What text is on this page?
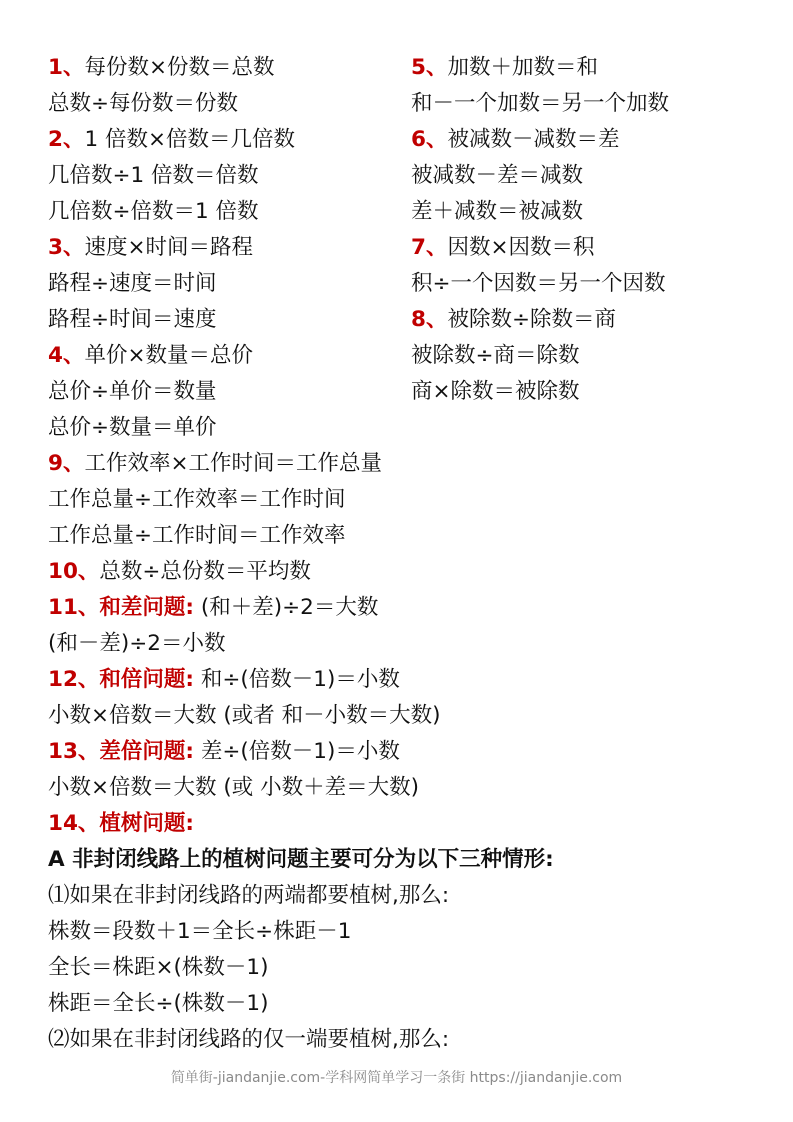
1、每份数×份数＝总数
总数÷每份数＝份数
2、1 倍数×倍数＝几倍数
几倍数÷1 倍数＝倍数
几倍数÷倍数＝1 倍数
3、速度×时间＝路程
路程÷速度＝时间
路程÷时间＝速度
4、单价×数量＝总价
总价÷单价＝数量
总价÷数量＝单价
5、加数＋加数＝和
和－一个加数＝另一个加数
6、被减数－减数＝差
被减数－差＝减数
差＋减数＝被减数
7、因数×因数＝积
积÷一个因数＝另一个因数
8、被除数÷除数＝商
被除数÷商＝除数
商×除数＝被除数
9、工作效率×工作时间＝工作总量
工作总量÷工作效率＝工作时间
工作总量÷工作时间＝工作效率
10、总数÷总份数＝平均数
11、和差问题: (和＋差)÷2＝大数
(和－差)÷2＝小数
12、和倍问题: 和÷(倍数－1)＝小数
小数×倍数＝大数 (或者 和－小数＝大数)
13、差倍问题: 差÷(倍数－1)＝小数
小数×倍数＝大数 (或 小数＋差＝大数)
14、植树问题:
A 非封闭线路上的植树问题主要可分为以下三种情形:
⑴如果在非封闭线路的两端都要植树,那么:
株数＝段数＋1＝全长÷株距－1
全长＝株距×(株数－1)
株距＝全长÷(株数－1)
⑵如果在非封闭线路的仅一端要植树,那么:
简单街-jiandanjie.com-学科网简单学习一条街 https://jiandanjie.com
